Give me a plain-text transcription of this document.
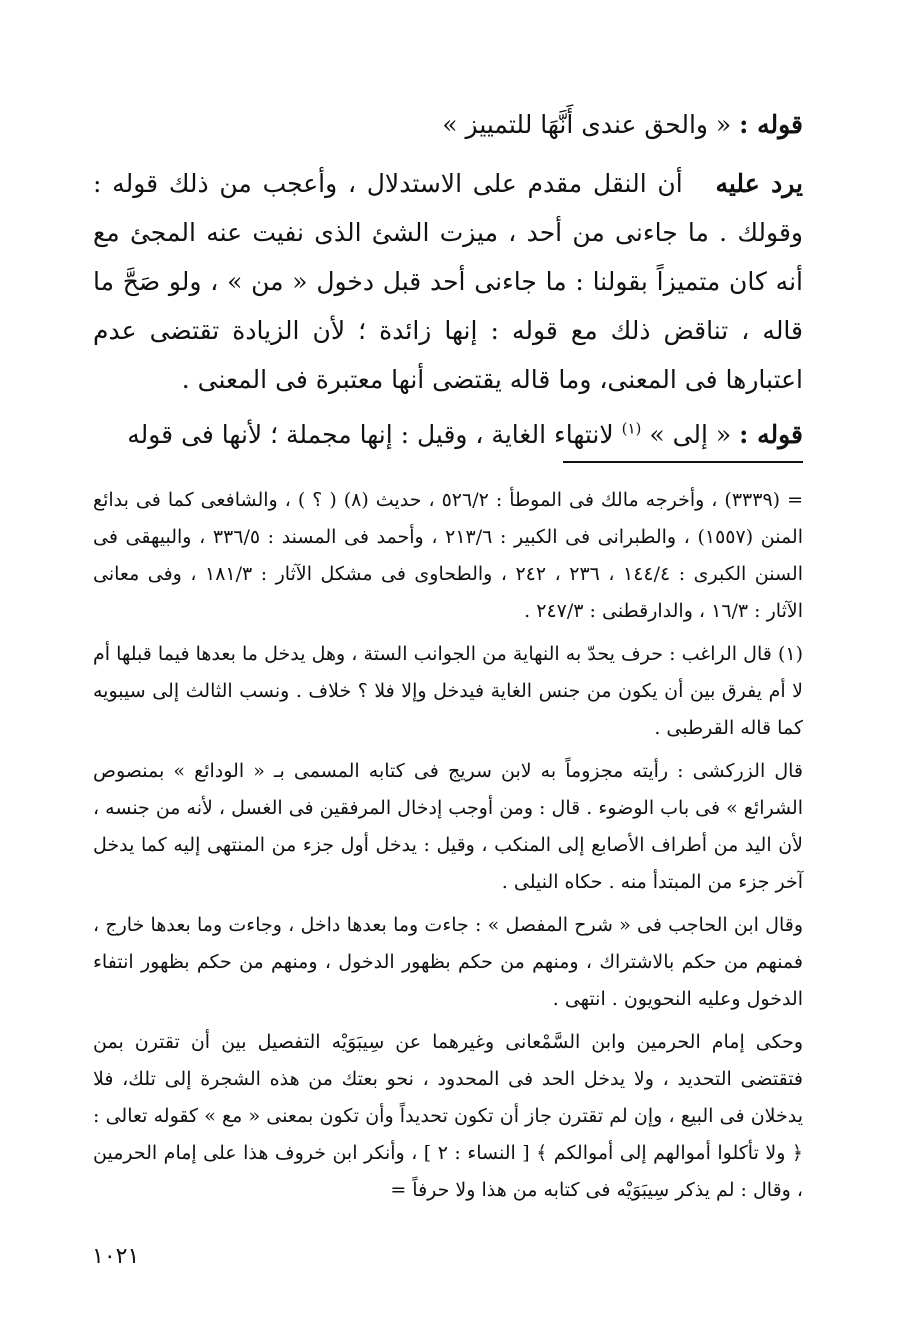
قوله : « والحق عندى أَنَّهَا للتمييز »

يرد عليه أن النقل مقدم على الاستدلال ، وأعجب من ذلك قوله : وقولك . ما جاءنى من أحد ، ميزت الشئ الذى نفيت عنه المجئ مع أنه كان متميزاً بقولنا : ما جاءنى أحد قبل دخول « من » ، ولو صَحَّ ما قاله ، تناقض ذلك مع قوله : إنها زائدة ؛ لأن الزيادة تقتضى عدم اعتبارها فى المعنى، وما قاله يقتضى أنها معتبرة فى المعنى .

قوله : « إلى » $^{(١)}$ لانتهاء الغاية ، وقيل : إنها مجملة ؛ لأنها فى قوله

= (٣٣٣٩) ، وأخرجه مالك فى الموطأ : ٥٢٦/٢ ، حديث (٨) ( ؟ ) ، والشافعى كما فى بدائع المنن (١٥٥٧) ، والطبرانى فى الكبير : ٢١٣/٦ ، وأحمد فى المسند : ٣٣٦/٥ ، والبيهقى فى السنن الكبرى : ١٤٤/٤ ، ٢٣٦ ، ٢٤٢ ، والطحاوى فى مشكل الآثار : ١٨١/٣ ، وفى معانى الآثار : ١٦/٣ ، والدارقطنى : ٢٤٧/٣ .

(١) قال الراغب : حرف يحدّ به النهاية من الجوانب الستة ، وهل يدخل ما بعدها فيما قبلها أم لا أم يفرق بين أن يكون من جنس الغاية فيدخل وإلا فلا ؟ خلاف . ونسب الثالث إلى سيبويه كما قاله القرطبى .

قال الزركشى : رأيته مجزوماً به لابن سريج فى كتابه المسمى بـ « الودائع » بمنصوص الشرائع » فى باب الوضوء . قال : ومن أوجب إدخال المرفقين فى الغسل ، لأنه من جنسه ، لأن اليد من أطراف الأصابع إلى المنكب ، وقيل : يدخل أول جزء من المنتهى إليه كما يدخل آخر جزء من المبتدأ منه . حكاه النيلى .

وقال ابن الحاجب فى « شرح المفصل » : جاءت وما بعدها داخل ، وجاءت وما بعدها خارج ، فمنهم من حكم بالاشتراك ، ومنهم من حكم بظهور الدخول ، ومنهم من حكم بظهور انتفاء الدخول وعليه النحويون . انتهى .

وحكى إمام الحرمين وابن السَّمْعانى وغيرهما عن سِيبَوَيْه التفصيل بين أن تقترن بمن فتقتضى التحديد ، ولا يدخل الحد فى المحدود ، نحو بعتك من هذه الشجرة إلى تلك، فلا يدخلان فى البيع ، وإن لم تقترن جاز أن تكون تحديداً وأن تكون بمعنى « مع » كقوله تعالى : ﴿ ولا تأكلوا أموالهم إلى أموالكم ﴾ [ النساء : ٢ ] ، وأنكر ابن خروف هذا على إمام الحرمين ، وقال : لم يذكر سِيبَوَيْه فى كتابه من هذا ولا حرفاً =

١٠٢١
